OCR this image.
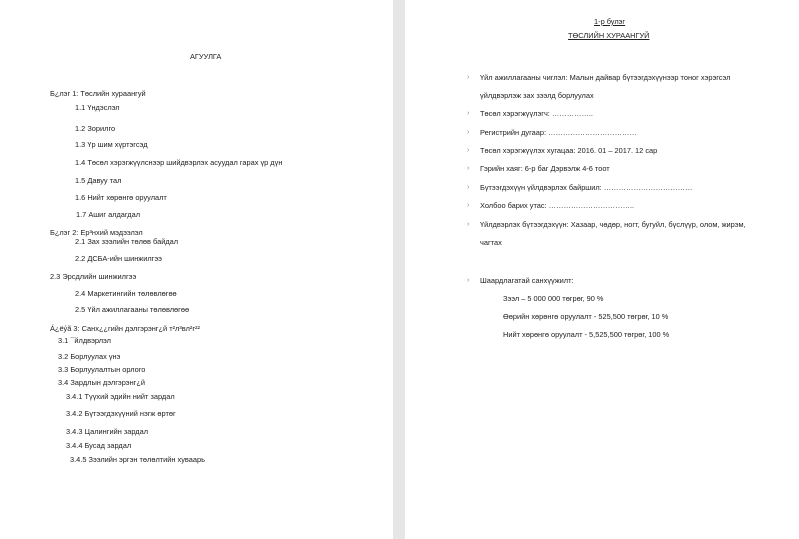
АГУУЛГА
Б¿лэг 1: Төслийн хураангуй
1.1 Үндэслэл
1.2 Зорилго
1.3 Үр шим хүртэгсэд
1.4 Төсөл хэрэгжүүлснээр шийдвэрлэх асуудал гарах үр дүн
1.5 Давуу тал
1.6 Нийт хөрөнгө оруулалт
1.7 Ашиг алдагдал
Б¿лэг 2: Ер³нхий мэдээлэл
2.1 Зах зээлийн төлөв байдал
2.2 ДСБА-ийн шинжилгээ
2.3 Эрсдлийн шинжилгээ
2.4 Маркетингийн төлөвлөгөө
2.5 Үйл ажиллагааны төлөвлөгөө
Á¿ëýã 3: Санх¿¿гийн дэлгэрэнг¿й т²л³вл²г²²
3.1 ¯йлдвэрлэл
3.2 Борлуулах үнэ
3.3 Борлуулалтын орлого
3.4 Зардлын дэлгэрэнг¿й
3.4.1 Түүхий эдийн нийт зардал
3.4.2 Бүтээгдэхүүний нэгж өртөг
3.4.3 Цалингийн зардал
3.4.4 Бусад зардал
3.4.5 Зээлийн эргэн төлөлтийн хуваарь
1-р булэг
ТӨСЛИЙН ХУРААНГУЙ
› Үйл ажиллагааны чиглэл: Малын дайвар бүтээгдэхүүнээр тоног хэрэгсэл
үйлдвэрлэж зах зээлд борлуулах
› Төсөл хэрэгжүүлэгч: ……………..
› Регистрийн дугаар: ………………………………
› Төсөл хэрэгжүүлэх хугацаа: 2016. 01 – 2017. 12 сар
› Гэрийн хаяг: 6-р баг Дэрвэлж 4-6 тоот
› Бүтээгдэхүүн үйлдвэрлэх байршил: ………………………………
› Холбоо барих утас: ……………………………..
› Үйлдвэрлэх бүтээгдэхүүн: Хазаар, чөдөр, ногт, бугуйл, бүслүүр, олом, жирэм,
чагтах
› Шаардлагатай санхүүжилт:
Зээл – 5 000 000 төгрөг, 90 %
Өөрийн хөрөнгө оруулалт - 525,500 төгрөг, 10 %
Нийт хөрөнгө оруулалт - 5,525,500 төгрөг, 100 %
